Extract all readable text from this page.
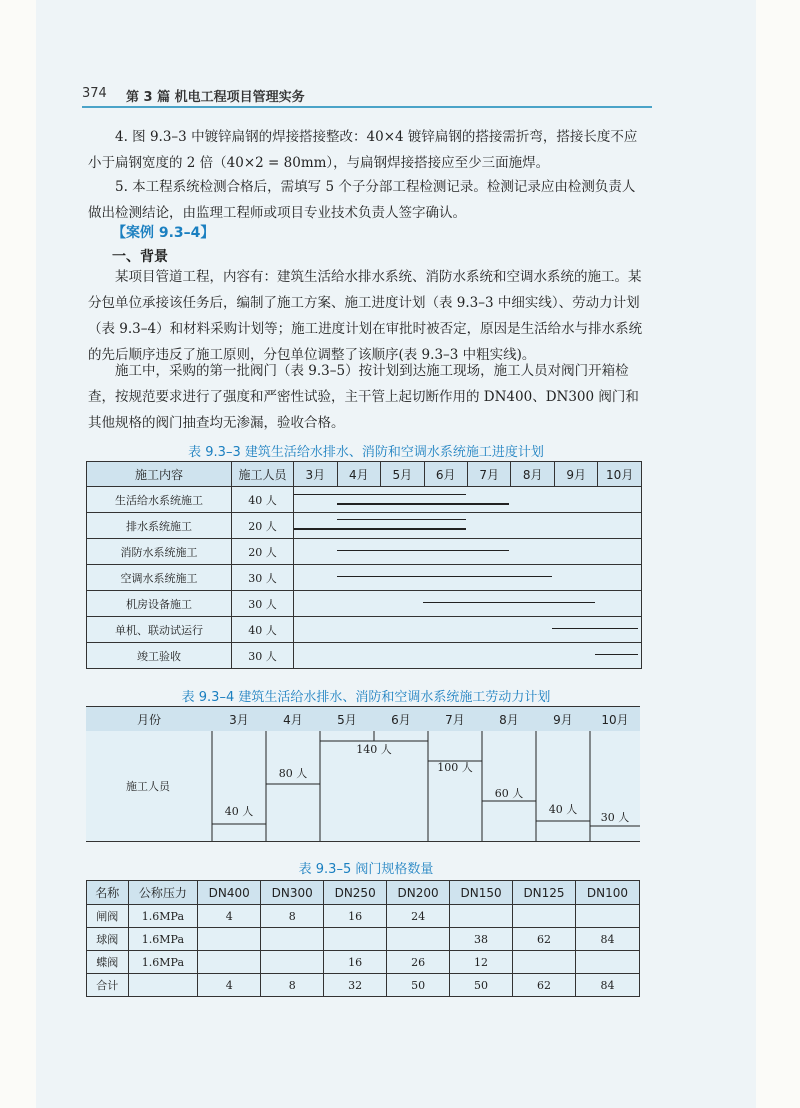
374 第 3 篇 机电工程项目管理实务
4. 图 9.3–3 中镀锌扁钢的焊接搭接整改：40×4 镀锌扁钢的搭接需折弯，搭接长度不应小于扁钢宽度的 2 倍（40×2 = 80mm），与扁钢焊接搭接应至少三面施焊。
5. 本工程系统检测合格后，需填写 5 个子分部工程检测记录。检测记录应由检测负责人做出检测结论，由监理工程师或项目专业技术负责人签字确认。
【案例 9.3–4】
一、背景
某项目管道工程，内容有：建筑生活给水排水系统、消防水系统和空调水系统的施工。某分包单位承接该任务后，编制了施工方案、施工进度计划（表 9.3–3 中细实线）、劳动力计划（表 9.3–4）和材料采购计划等；施工进度计划在审批时被否定，原因是生活给水与排水系统的先后顺序违反了施工原则，分包单位调整了该顺序(表 9.3–3 中粗实线)。
施工中，采购的第一批阀门（表 9.3–5）按计划到达施工现场，施工人员对阀门开箱检查，按规范要求进行了强度和严密性试验，主干管上起切断作用的 DN400、DN300 阀门和其他规格的阀门抽查均无渗漏，验收合格。
表 9.3–3 建筑生活给水排水、消防和空调水系统施工进度计划
施工内容	施工人员	3月	4月	5月	6月	7月	8月	9月	10月
生活给水系统施工	40 人								

排水系统施工	20 人								

消防水系统施工	20 人								

空调水系统施工	30 人								

机房设备施工	30 人								

单机、联动试运行	40 人								

竣工验收	30 人								
表 9.3–4 建筑生活给水排水、消防和空调水系统施工劳动力计划
月份	3月	4月	5月	6月	7月	8月	9月	10月
施工人员
40 人
80 人
140 人
100 人
60 人
40 人
30 人
表 9.3–5 阀门规格数量
名称	公称压力	DN400	DN300	DN250	DN200	DN150	DN125	DN100
闸阀	1.6MPa	4	8	16	24			
球阀	1.6MPa					38	62	84
蝶阀	1.6MPa			16	26	12		
合计		4	8	32	50	50	62	84
